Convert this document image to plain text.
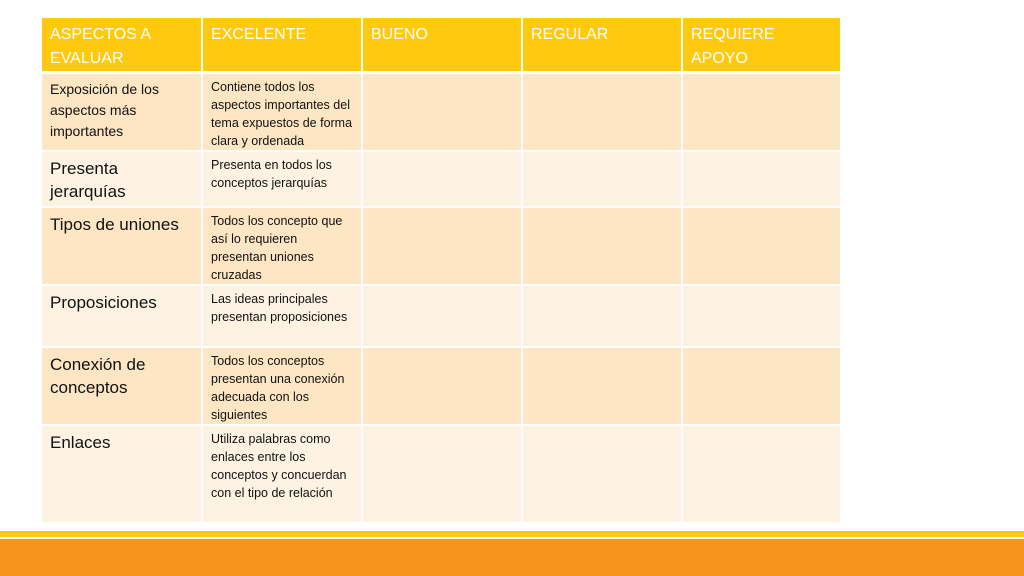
ASPECTOS A EVALUAR	EXCELENTE	BUENO	REGULAR	REQUIERE APOYO
Exposición de los aspectos más importantes	Contiene todos los aspectos importantes del tema expuestos de forma clara y ordenada			
Presenta jerarquías	Presenta en todos los conceptos jerarquías			
Tipos de uniones	Todos los concepto que así lo requieren presentan uniones cruzadas			
Proposiciones	Las ideas principales presentan proposiciones			
Conexión de conceptos	Todos los conceptos presentan una conexión adecuada con los siguientes			
Enlaces	Utiliza palabras como enlaces entre los conceptos y concuerdan con el tipo de relación			
